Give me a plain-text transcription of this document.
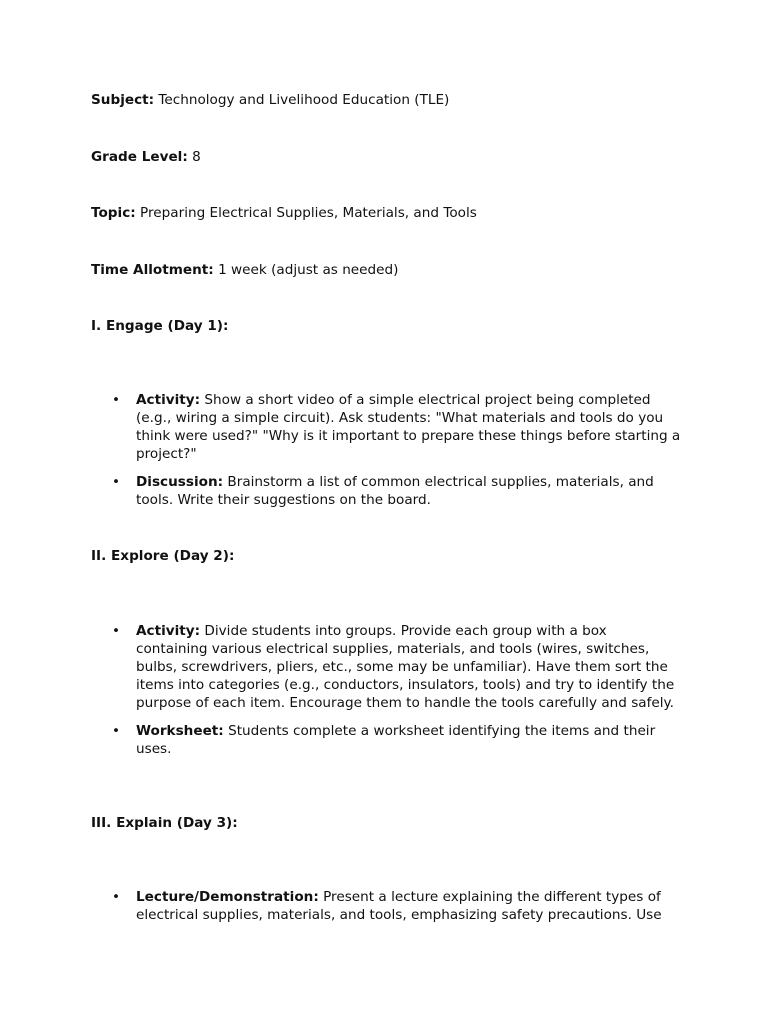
Subject: Technology and Livelihood Education (TLE)

Grade Level: 8

Topic: Preparing Electrical Supplies, Materials, and Tools

Time Allotment: 1 week (adjust as needed)

I. Engage (Day 1):

• Activity: Show a short video of a simple electrical project being completed (e.g., wiring a simple circuit). Ask students: "What materials and tools do you think were used?" "Why is it important to prepare these things before starting a project?"
• Discussion: Brainstorm a list of common electrical supplies, materials, and tools. Write their suggestions on the board.

II. Explore (Day 2):

• Activity: Divide students into groups. Provide each group with a box containing various electrical supplies, materials, and tools (wires, switches, bulbs, screwdrivers, pliers, etc., some may be unfamiliar). Have them sort the items into categories (e.g., conductors, insulators, tools) and try to identify the purpose of each item. Encourage them to handle the tools carefully and safely.
• Worksheet: Students complete a worksheet identifying the items and their uses.

III. Explain (Day 3):

• Lecture/Demonstration: Present a lecture explaining the different types of electrical supplies, materials, and tools, emphasizing safety precautions. Use
